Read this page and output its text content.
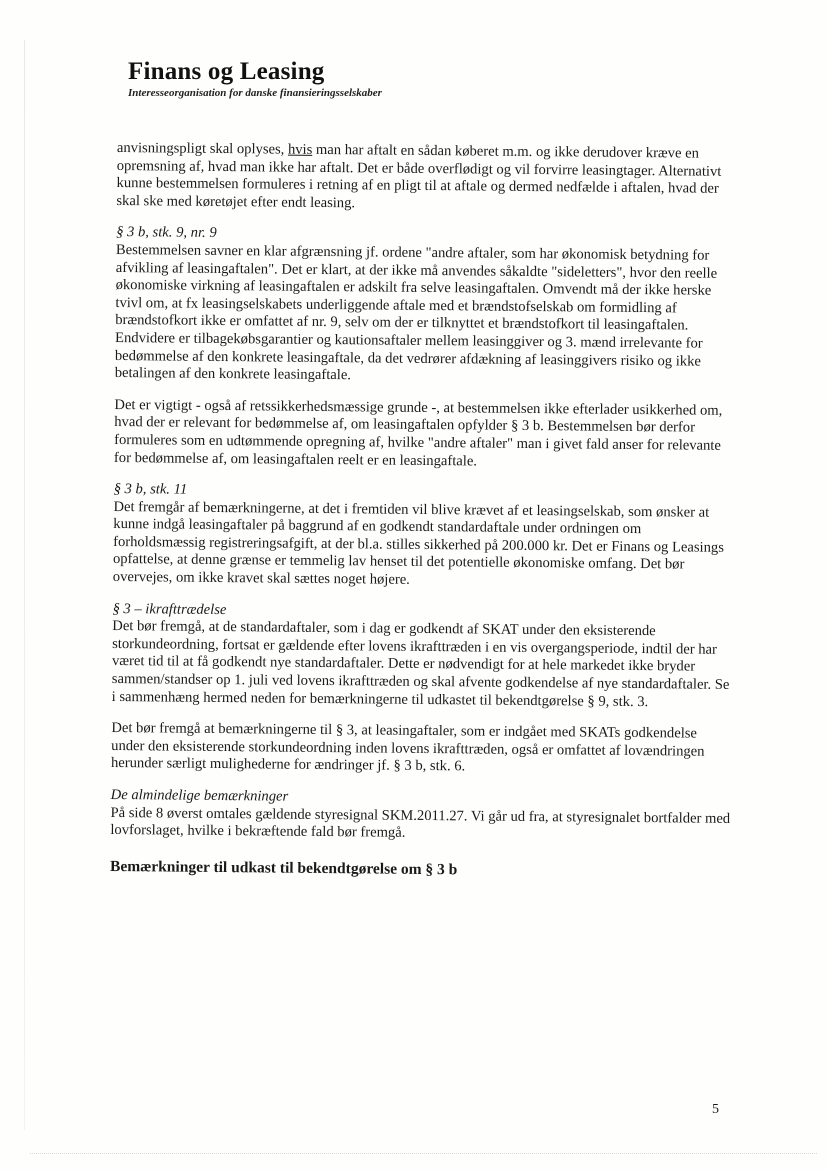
Finans og Leasing
Interesseorganisation for danske finansieringsselskaber

anvisningspligt skal oplyses, hvis man har aftalt en sådan køberet m.m. og ikke derudover kræve en opremsning af, hvad man ikke har aftalt. Det er både overflødigt og vil forvirre leasingtager. Alternativt kunne bestemmelsen formuleres i retning af en pligt til at aftale og dermed nedfælde i aftalen, hvad der skal ske med køretøjet efter endt leasing.

§ 3 b, stk. 9, nr. 9

Bestemmelsen savner en klar afgrænsning jf. ordene "andre aftaler, som har økonomisk betydning for afvikling af leasingaftalen". Det er klart, at der ikke må anvendes såkaldte "sideletters", hvor den reelle økonomiske virkning af leasingaftalen er adskilt fra selve leasingaftalen. Omvendt må der ikke herske tvivl om, at fx leasingselskabets underliggende aftale med et brændstofselskab om formidling af brændstofkort ikke er omfattet af nr. 9, selv om der er tilknyttet et brændstofkort til leasingaftalen. Endvidere er tilbagekøbsgarantier og kautionsaftaler mellem leasinggiver og 3. mænd irrelevante for bedømmelse af den konkrete leasingaftale, da det vedrører afdækning af leasinggivers risiko og ikke betalingen af den konkrete leasingaftale.

Det er vigtigt - også af retssikkerhedsmæssige grunde -, at bestemmelsen ikke efterlader usikkerhed om, hvad der er relevant for bedømmelse af, om leasingaftalen opfylder § 3 b. Bestemmelsen bør derfor formuleres som en udtømmende opregning af, hvilke "andre aftaler" man i givet fald anser for relevante for bedømmelse af, om leasingaftalen reelt er en leasingaftale.

§ 3 b, stk. 11

Det fremgår af bemærkningerne, at det i fremtiden vil blive krævet af et leasingselskab, som ønsker at kunne indgå leasingaftaler på baggrund af en godkendt standardaftale under ordningen om forholdsmæssig registreringsafgift, at der bl.a. stilles sikkerhed på 200.000 kr. Det er Finans og Leasings opfattelse, at denne grænse er temmelig lav henset til det potentielle økonomiske omfang. Det bør overvejes, om ikke kravet skal sættes noget højere.

§ 3 – ikrafttrædelse

Det bør fremgå, at de standardaftaler, som i dag er godkendt af SKAT under den eksisterende storkundeordning, fortsat er gældende efter lovens ikrafttræden i en vis overgangsperiode, indtil der har været tid til at få godkendt nye standardaftaler. Dette er nødvendigt for at hele markedet ikke bryder sammen/standser op 1. juli ved lovens ikrafttræden og skal afvente godkendelse af nye standardaftaler. Se i sammenhæng hermed neden for bemærkningerne til udkastet til bekendtgørelse § 9, stk. 3.

Det bør fremgå at bemærkningerne til § 3, at leasingaftaler, som er indgået med SKATs godkendelse under den eksisterende storkundeordning inden lovens ikrafttræden, også er omfattet af lovændringen herunder særligt mulighederne for ændringer jf. § 3 b, stk. 6.

De almindelige bemærkninger

På side 8 øverst omtales gældende styresignal SKM.2011.27. Vi går ud fra, at styresignalet bortfalder med lovforslaget, hvilke i bekræftende fald bør fremgå.

Bemærkninger til udkast til bekendtgørelse om § 3 b

5
